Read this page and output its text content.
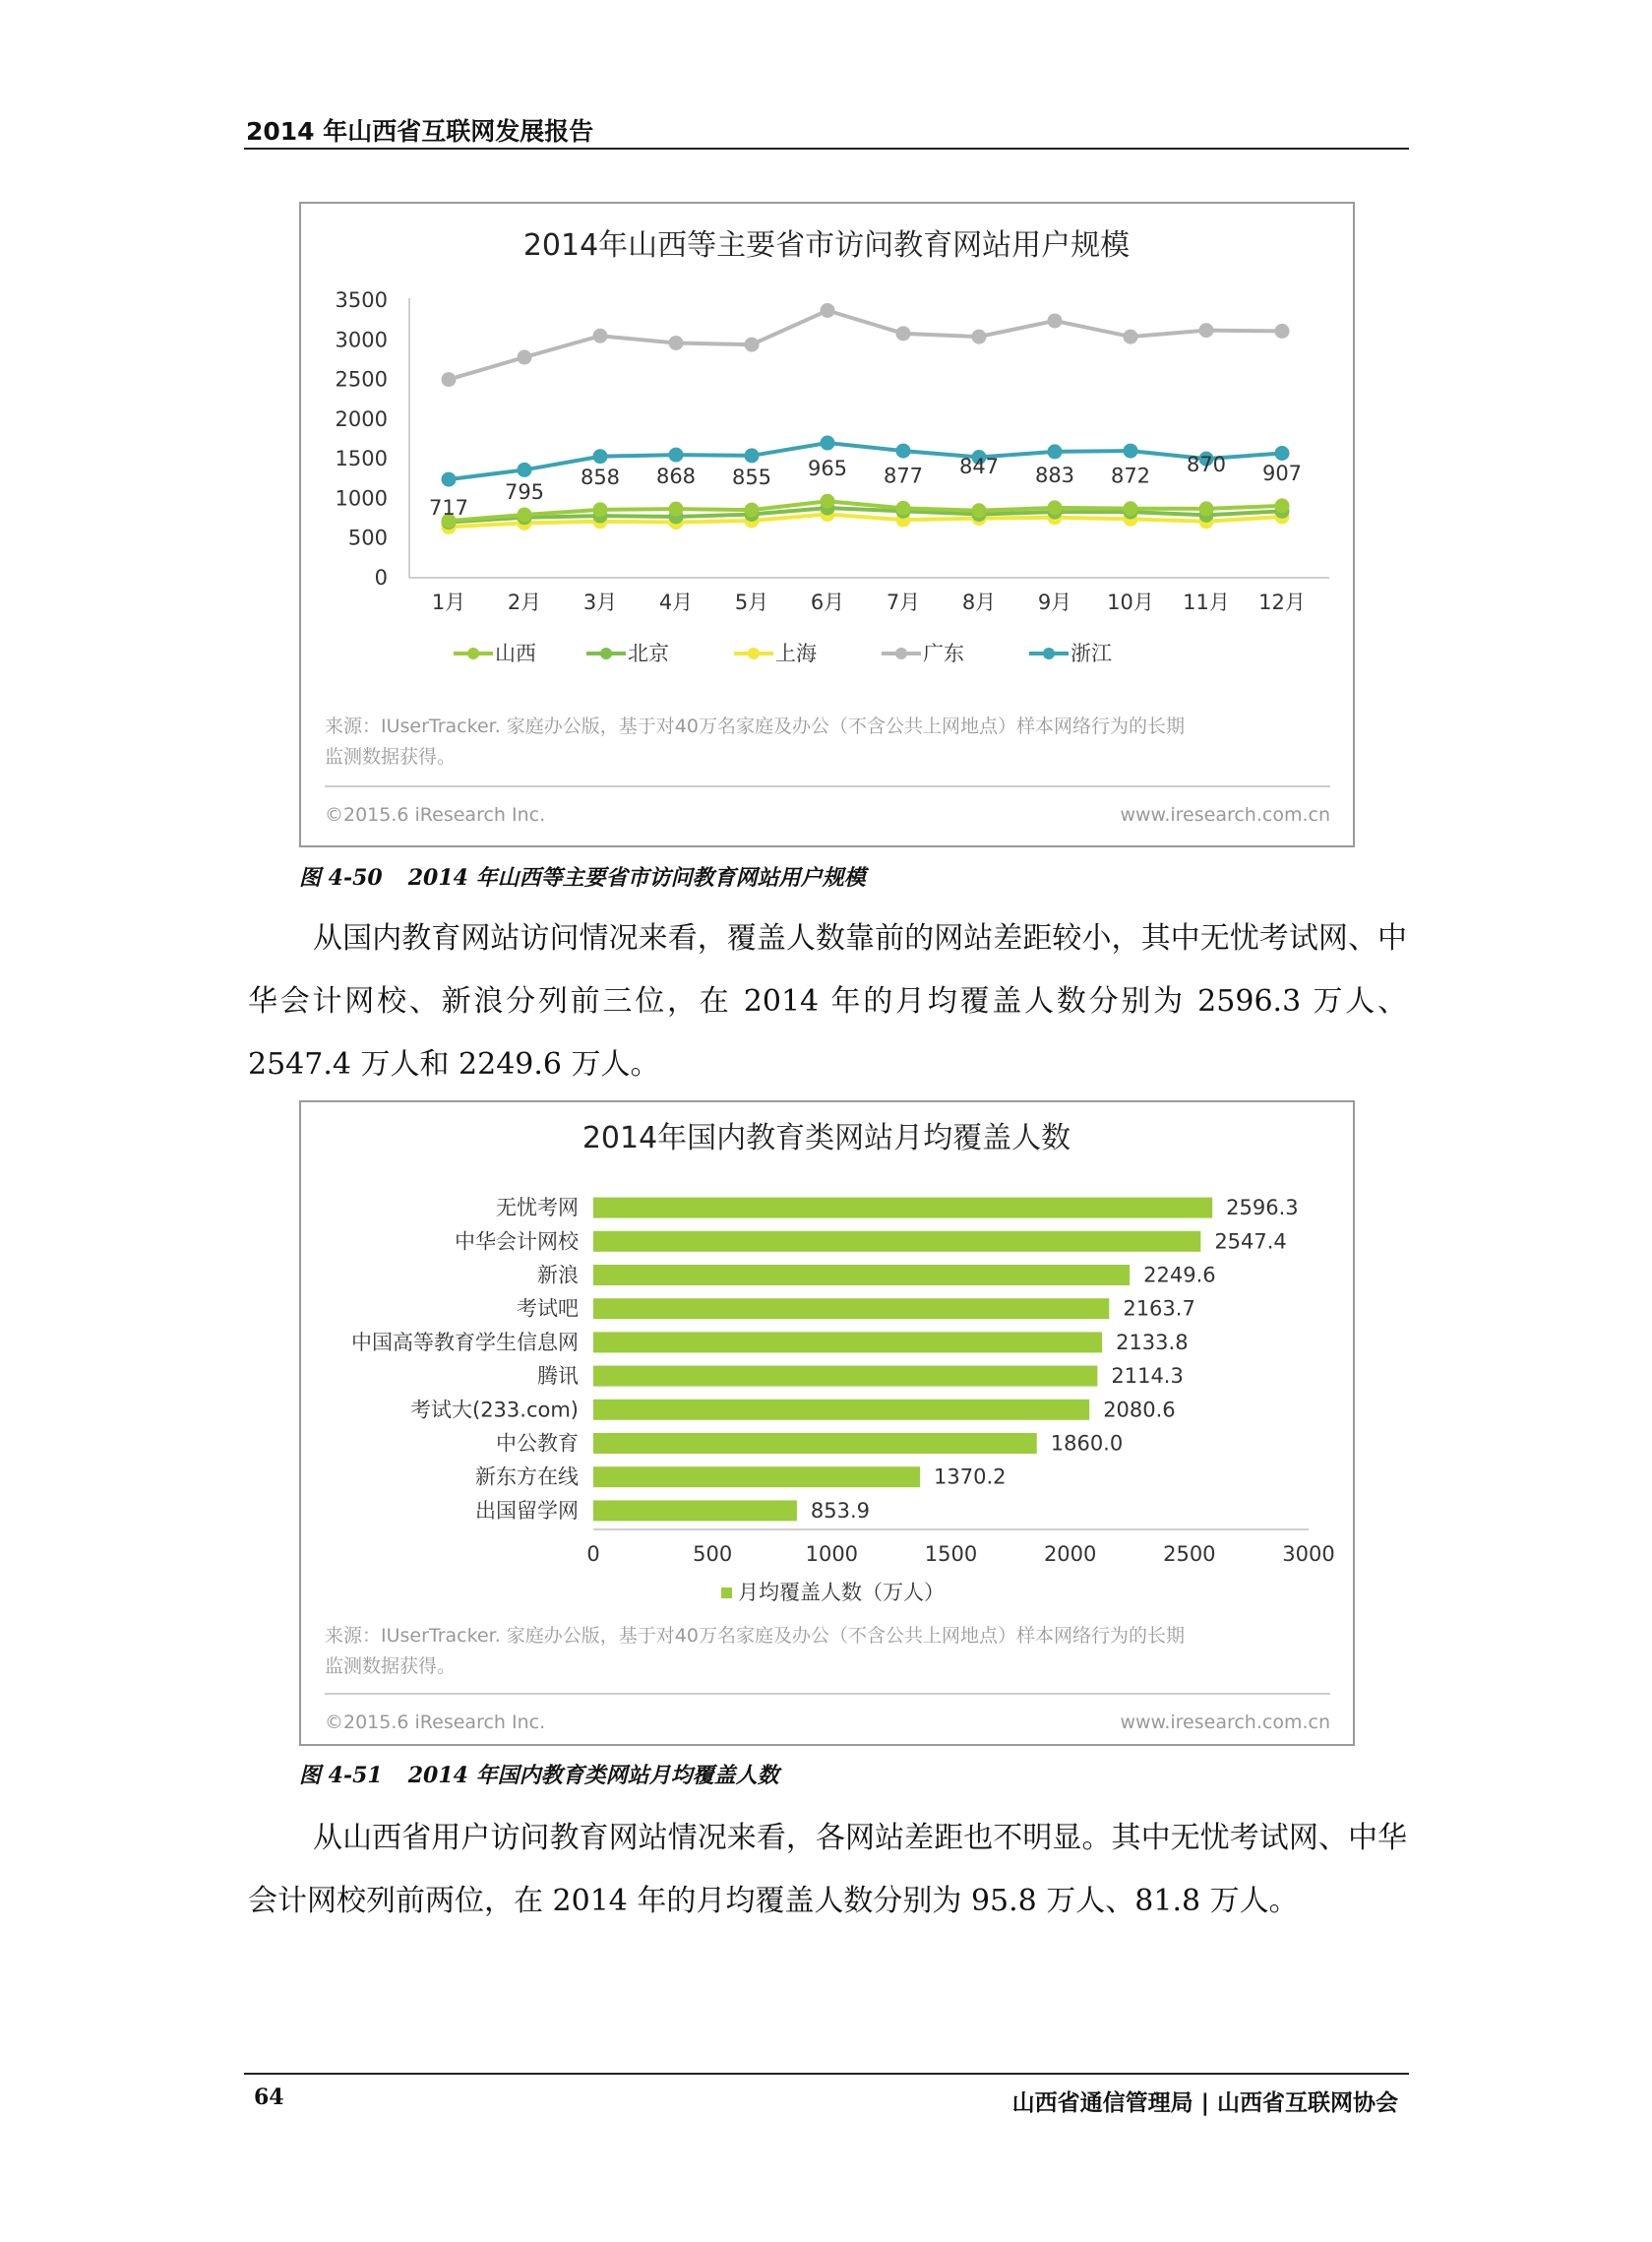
2014 年山西省互联网发展报告
2014年山西等主要省市访问教育网站用户规模
0
500
1000
1500
2000
2500
3000
3500
1月 2月 3月 4月 5月 6月 7月 8月 9月 10月 11月 12月
717
795
858 868 855 965 877 847 883 872 870 907
山西	北京	上海	广东	浙江
来源：IUserTracker. 家庭办公版，基于对40万名家庭及办公（不含公共上网地点）样本网络行为的长期
监测数据获得。
©2015.6 iResearch Inc.	www.iresearch.com.cn
图 4-50 2014 年山西等主要省市访问教育网站用户规模
从国内教育网站访问情况来看，覆盖人数靠前的网站差距较小，其中无忧考试网、中华会计网校、新浪分列前三位，在 2014 年的月均覆盖人数分别为 2596.3 万人、2547.4 万人和 2249.6 万人。
2014年国内教育类网站月均覆盖人数
无忧考网	2596.3
中华会计网校	2547.4
新浪	2249.6
考试吧	2163.7
中国高等教育学生信息网	2133.8
腾讯	2114.3
考试大(233.com)	2080.6
中公教育	1860.0
新东方在线	1370.2
出国留学网	853.9
0	500	1000	1500	2000	2500	3000
月均覆盖人数（万人）
来源：IUserTracker. 家庭办公版，基于对40万名家庭及办公（不含公共上网地点）样本网络行为的长期
监测数据获得。
©2015.6 iResearch Inc.	www.iresearch.com.cn
图 4-51 2014 年国内教育类网站月均覆盖人数
从山西省用户访问教育网站情况来看，各网站差距也不明显。其中无忧考试网、中华会计网校列前两位，在 2014 年的月均覆盖人数分别为 95.8 万人、81.8 万人。
64	山西省通信管理局 | 山西省互联网协会
